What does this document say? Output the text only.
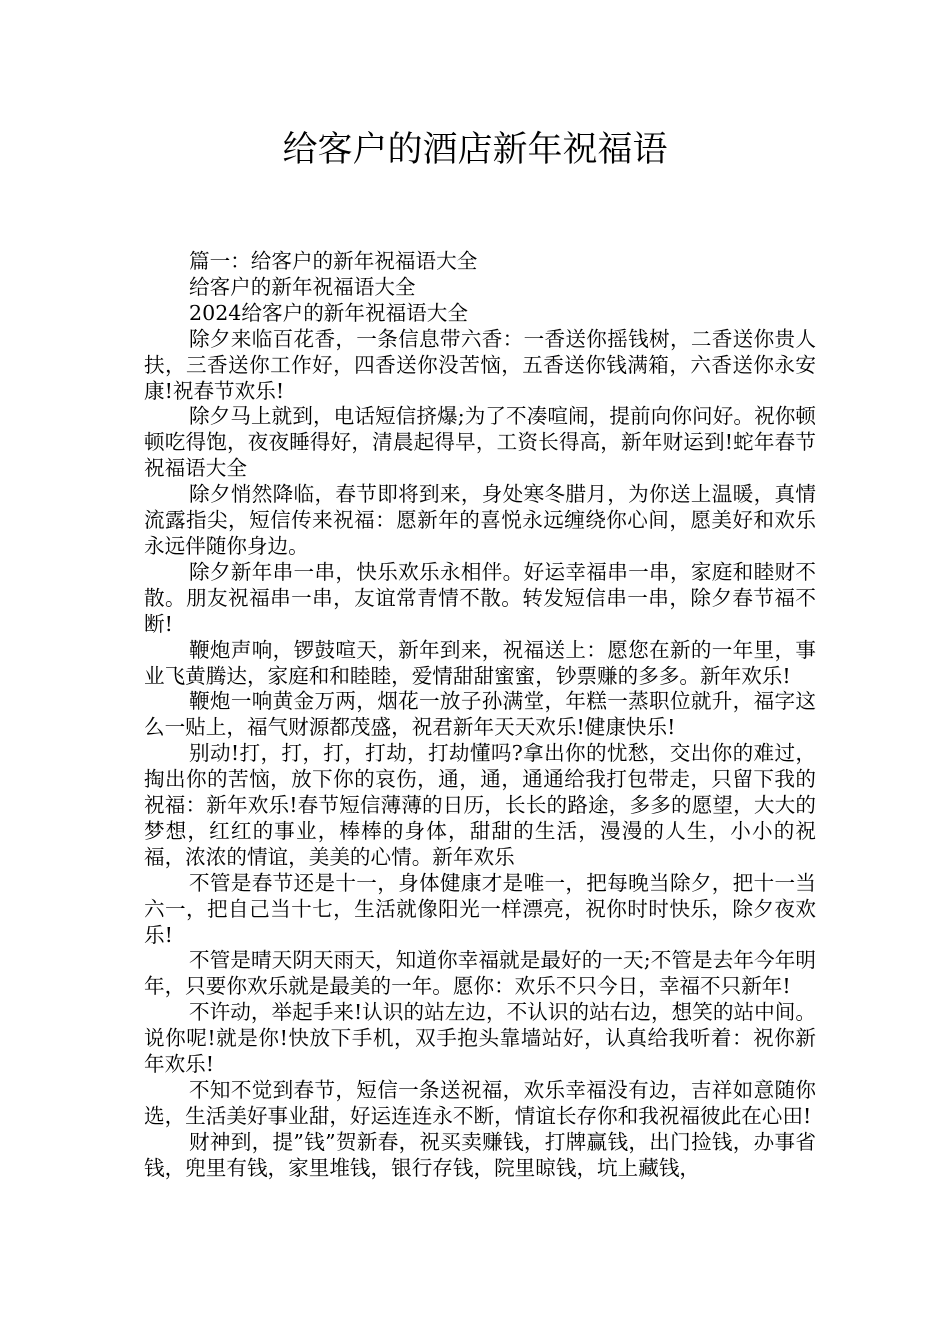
给客户的酒店新年祝福语

篇一：给客户的新年祝福语大全

给客户的新年祝福语大全

2024给客户的新年祝福语大全

除夕来临百花香，一条信息带六香：一香送你摇钱树，二香送你贵人扶，三香送你工作好，四香送你没苦恼，五香送你钱满箱，六香送你永安康!祝春节欢乐!

除夕马上就到，电话短信挤爆;为了不凑喧闹，提前向你问好。祝你顿顿吃得饱，夜夜睡得好，清晨起得早，工资长得高，新年财运到!蛇年春节祝福语大全

除夕悄然降临，春节即将到来，身处寒冬腊月，为你送上温暖，真情流露指尖，短信传来祝福：愿新年的喜悦永远缠绕你心间，愿美好和欢乐永远伴随你身边。

除夕新年串一串，快乐欢乐永相伴。好运幸福串一串，家庭和睦财不散。朋友祝福串一串，友谊常青情不散。转发短信串一串，除夕春节福不断!

鞭炮声响，锣鼓喧天，新年到来，祝福送上：愿您在新的一年里，事业飞黄腾达，家庭和和睦睦，爱情甜甜蜜蜜，钞票赚的多多。新年欢乐!

鞭炮一响黄金万两，烟花一放子孙满堂，年糕一蒸职位就升，福字这么一贴上，福气财源都茂盛，祝君新年天天欢乐!健康快乐!

别动!打，打，打，打劫，打劫懂吗?拿出你的忧愁，交出你的难过，掏出你的苦恼，放下你的哀伤，通，通，通通给我打包带走，只留下我的祝福：新年欢乐!春节短信薄薄的日历，长长的路途，多多的愿望，大大的梦想，红红的事业，棒棒的身体，甜甜的生活，漫漫的人生，小小的祝福，浓浓的情谊，美美的心情。新年欢乐

不管是春节还是十一，身体健康才是唯一，把每晚当除夕，把十一当六一，把自己当十七，生活就像阳光一样漂亮，祝你时时快乐，除夕夜欢乐!

不管是晴天阴天雨天，知道你幸福就是最好的一天;不管是去年今年明年，只要你欢乐就是最美的一年。愿你：欢乐不只今日，幸福不只新年!

不许动，举起手来!认识的站左边，不认识的站右边，想笑的站中间。说你呢!就是你!快放下手机，双手抱头靠墙站好，认真给我听着：祝你新年欢乐!

不知不觉到春节，短信一条送祝福，欢乐幸福没有边，吉祥如意随你选，生活美好事业甜，好运连连永不断，情谊长存你和我祝福彼此在心田!

财神到，提”钱”贺新春，祝买卖赚钱，打牌赢钱，出门捡钱，办事省钱，兜里有钱，家里堆钱，银行存钱，院里晾钱，坑上藏钱，
